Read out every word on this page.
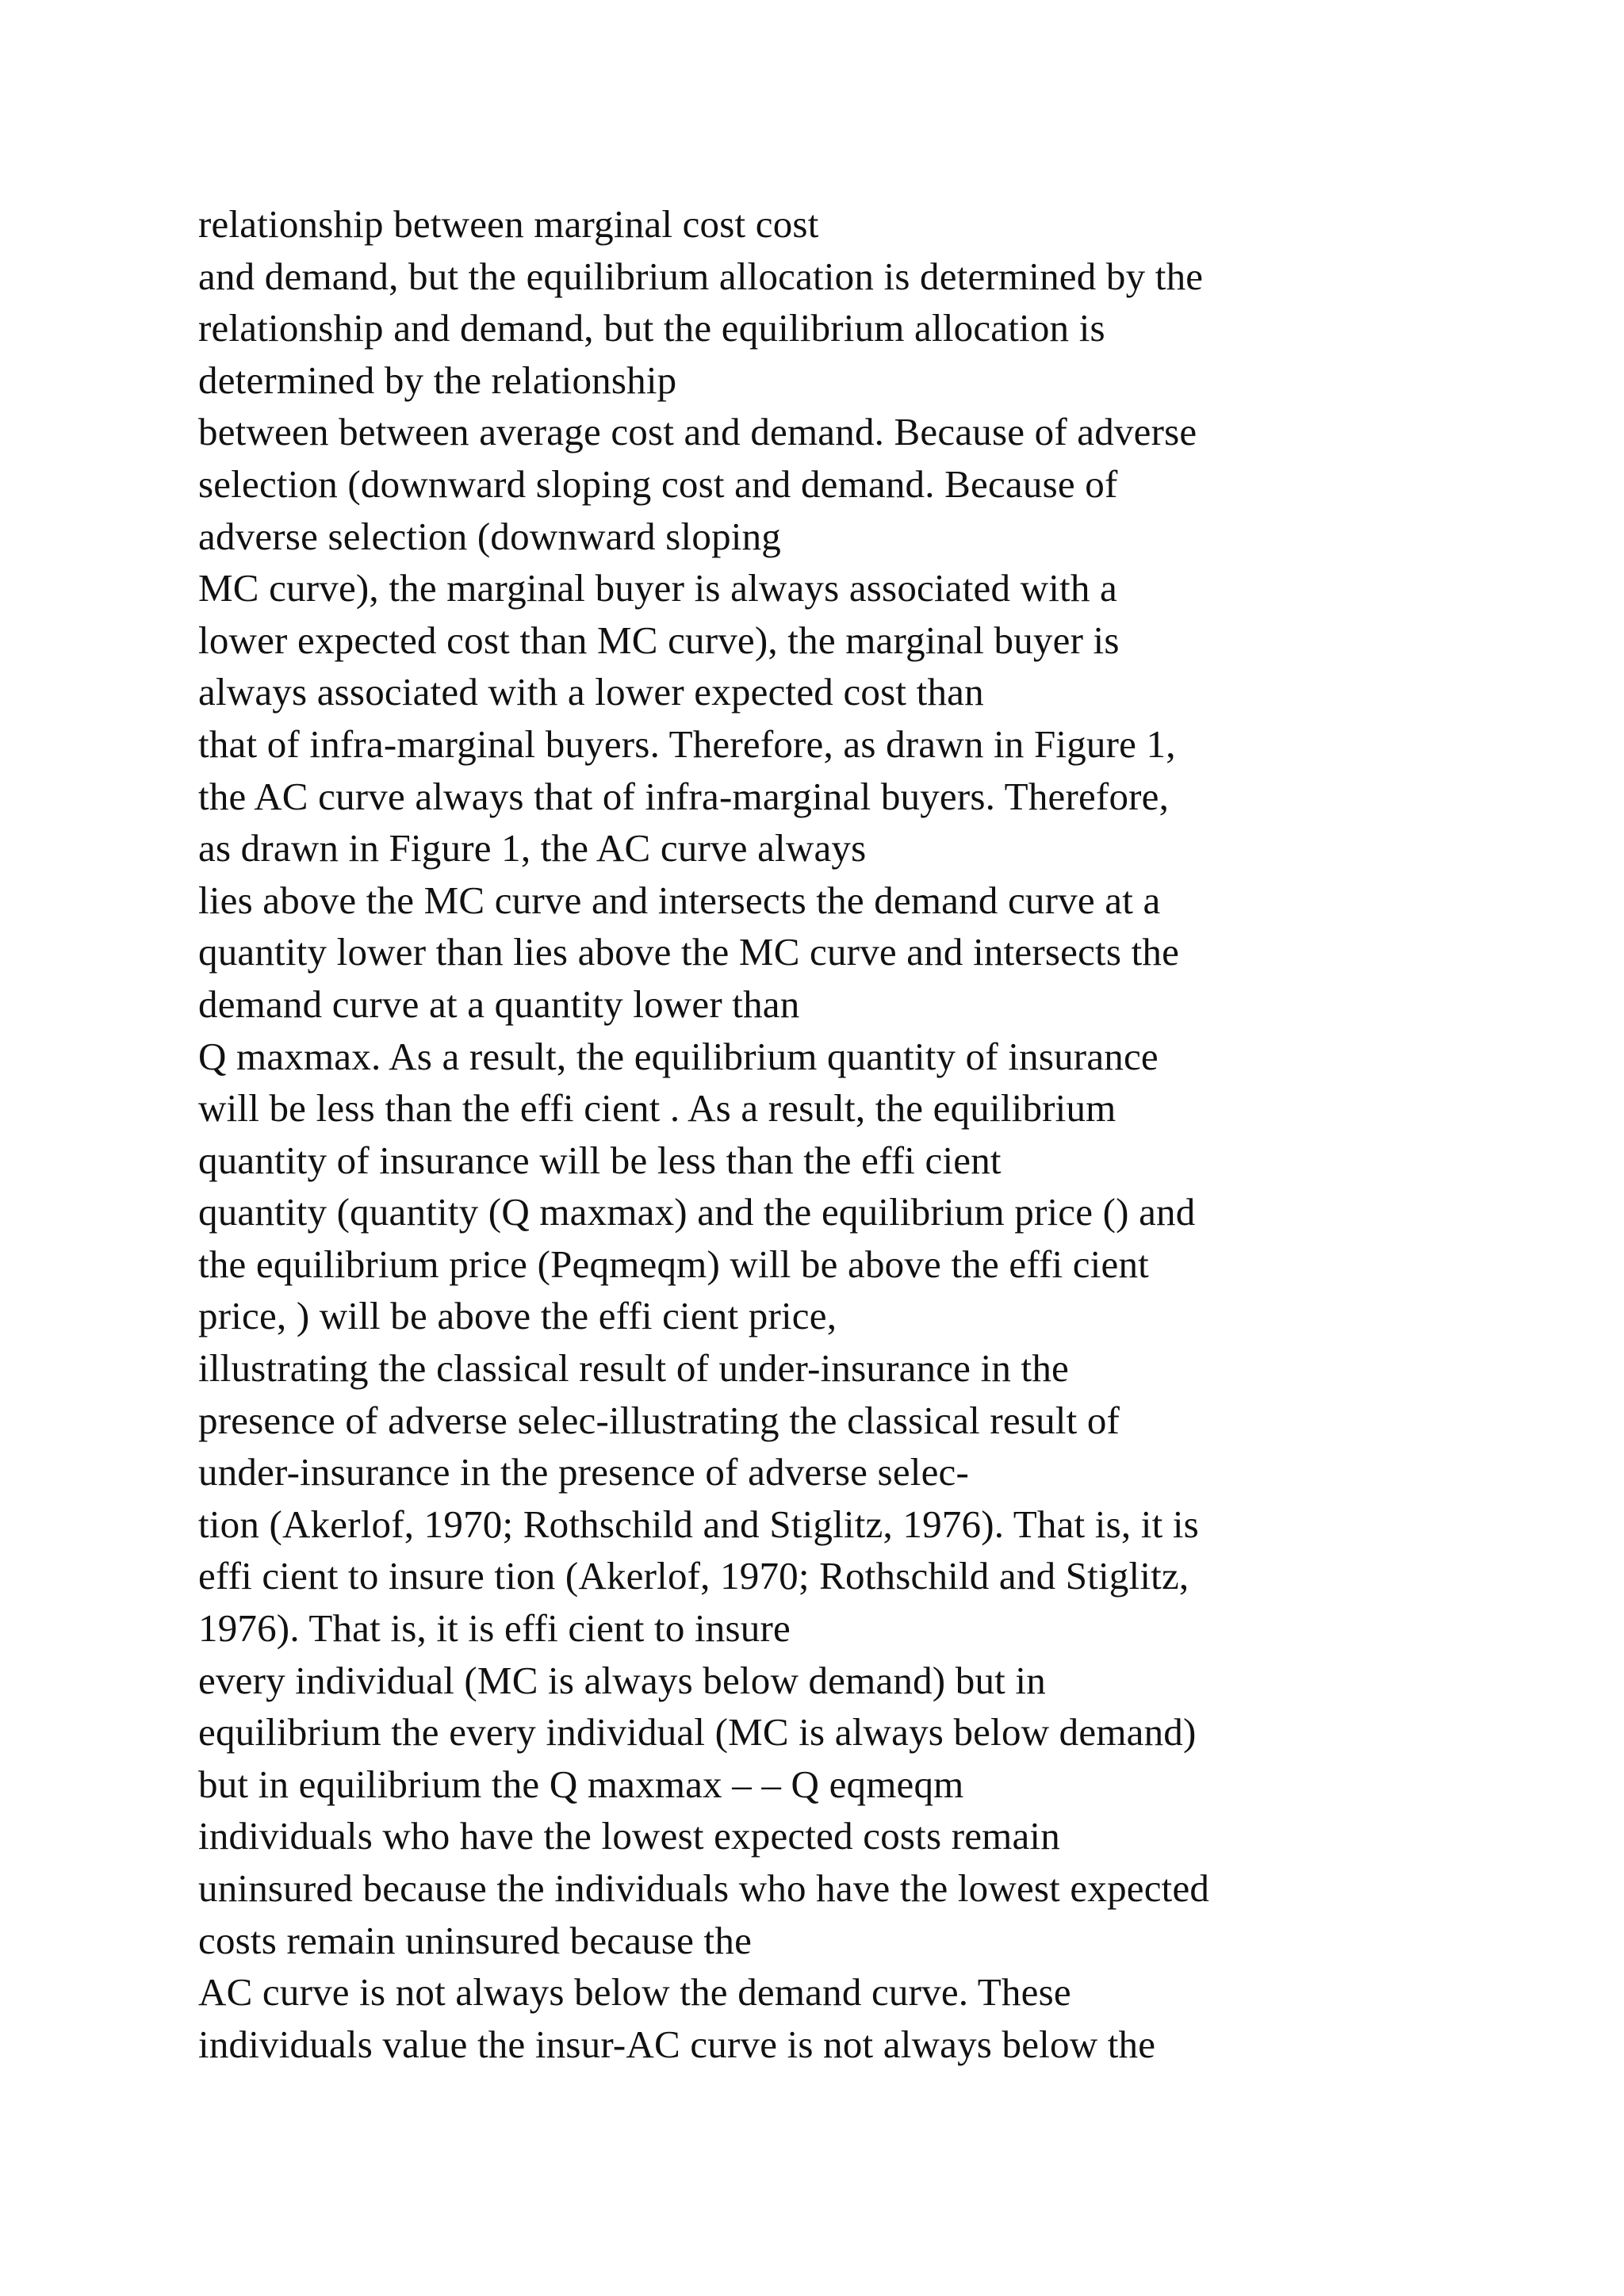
relationship between marginal cost cost
and demand, but the equilibrium allocation is determined by the
relationship and demand, but the equilibrium allocation is
determined by the relationship
between between average cost and demand. Because of adverse
selection (downward sloping cost and demand. Because of
adverse selection (downward sloping
MC curve), the marginal buyer is always associated with a
lower expected cost than MC curve), the marginal buyer is
always associated with a lower expected cost than
that of infra-marginal buyers. Therefore, as drawn in Figure 1,
the AC curve always that of infra-marginal buyers. Therefore,
as drawn in Figure 1, the AC curve always
lies above the MC curve and intersects the demand curve at a
quantity lower than lies above the MC curve and intersects the
demand curve at a quantity lower than
Q maxmax. As a result, the equilibrium quantity of insurance
will be less than the effi cient . As a result, the equilibrium
quantity of insurance will be less than the effi cient
quantity (quantity (Q maxmax) and the equilibrium price () and
the equilibrium price (Peqmeqm) will be above the effi cient
price, ) will be above the effi cient price,
illustrating the classical result of under-insurance in the
presence of adverse selec-illustrating the classical result of
under-insurance in the presence of adverse selec-
tion (Akerlof, 1970; Rothschild and Stiglitz, 1976). That is, it is
effi cient to insure tion (Akerlof, 1970; Rothschild and Stiglitz,
1976). That is, it is effi cient to insure
every individual (MC is always below demand) but in
equilibrium the every individual (MC is always below demand)
but in equilibrium the Q maxmax – – Q eqmeqm
individuals who have the lowest expected costs remain
uninsured because the individuals who have the lowest expected
costs remain uninsured because the
AC curve is not always below the demand curve. These
individuals value the insur-AC curve is not always below the
